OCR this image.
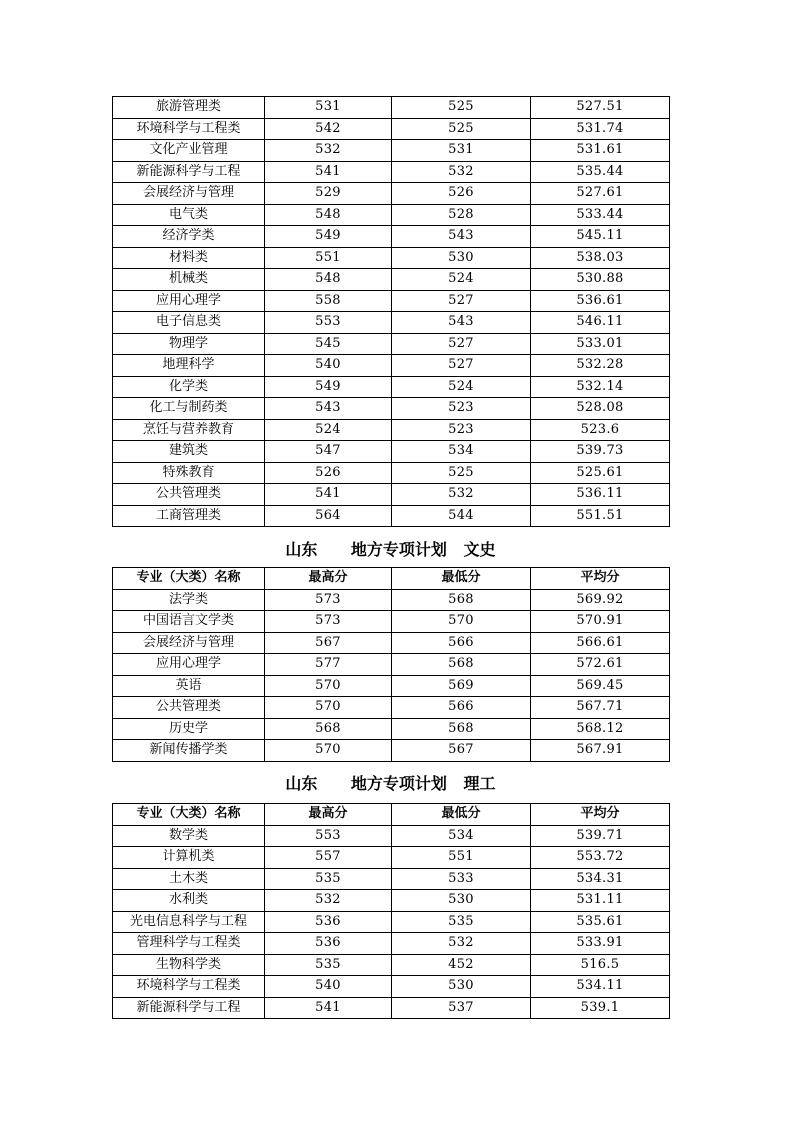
旅游管理类	531	525	527.51
环境科学与工程类	542	525	531.74
文化产业管理	532	531	531.61
新能源科学与工程	541	532	535.44
会展经济与管理	529	526	527.61
电气类	548	528	533.44
经济学类	549	543	545.11
材料类	551	530	538.03
机械类	548	524	530.88
应用心理学	558	527	536.61
电子信息类	553	543	546.11
物理学	545	527	533.01
地理科学	540	527	532.28
化学类	549	524	532.14
化工与制药类	543	523	528.08
烹饪与营养教育	524	523	523.6
建筑类	547	534	539.73
特殊教育	526	525	525.61
公共管理类	541	532	536.11
工商管理类	564	544	551.51
山东      地方专项计划   文史
专业（大类）名称	最高分	最低分	平均分
法学类	573	568	569.92
中国语言文学类	573	570	570.91
会展经济与管理	567	566	566.61
应用心理学	577	568	572.61
英语	570	569	569.45
公共管理类	570	566	567.71
历史学	568	568	568.12
新闻传播学类	570	567	567.91
山东      地方专项计划   理工
专业（大类）名称	最高分	最低分	平均分
数学类	553	534	539.71
计算机类	557	551	553.72
土木类	535	533	534.31
水利类	532	530	531.11
光电信息科学与工程	536	535	535.61
管理科学与工程类	536	532	533.91
生物科学类	535	452	516.5
环境科学与工程类	540	530	534.11
新能源科学与工程	541	537	539.1
